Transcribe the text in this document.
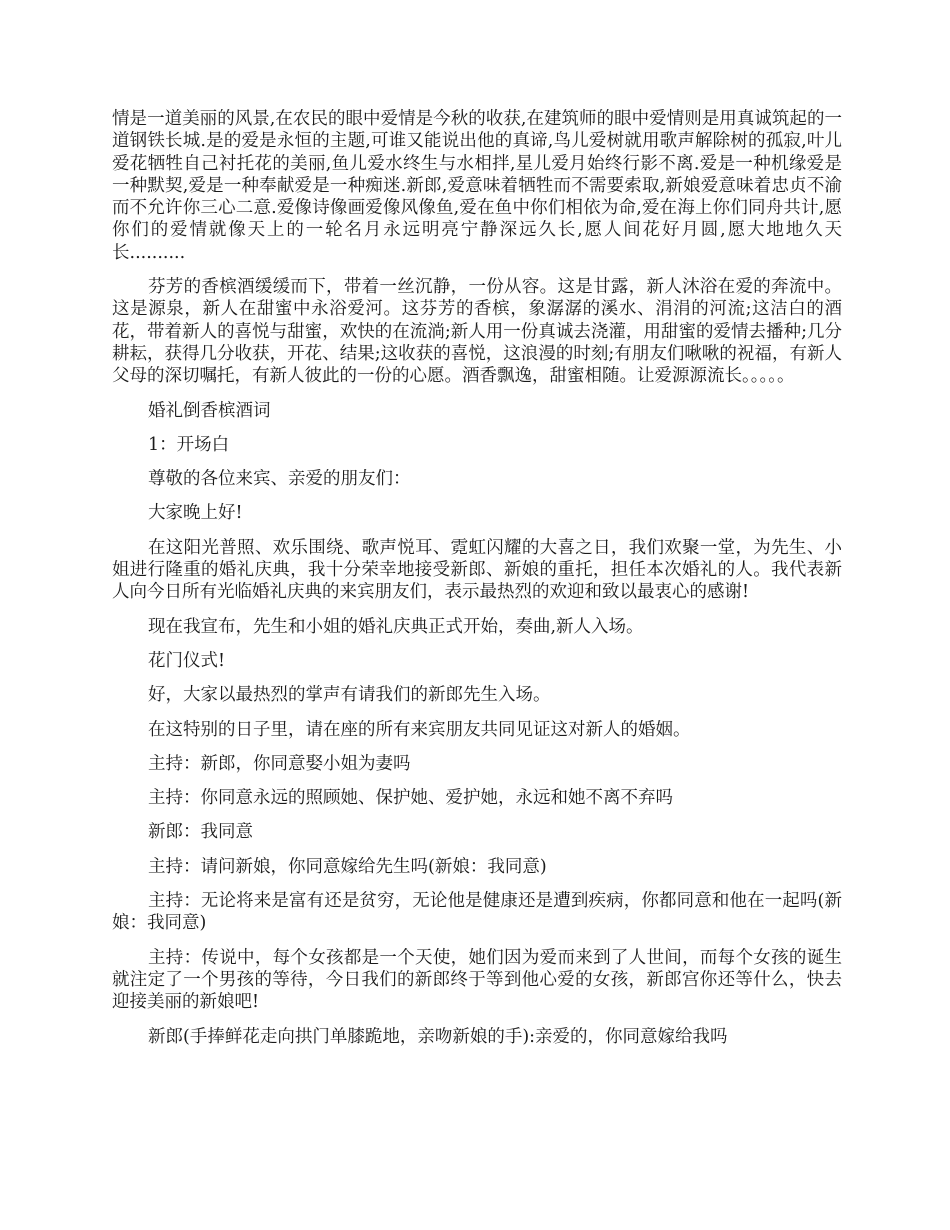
情是一道美丽的风景,在农民的眼中爱情是今秋的收获,在建筑师的眼中爱情则是用真诚筑起的一道钢铁长城.是的爱是永恒的主题,可谁又能说出他的真谛,鸟儿爱树就用歌声解除树的孤寂,叶儿爱花牺牲自己衬托花的美丽,鱼儿爱水终生与水相拌,星儿爱月始终行影不离.爱是一种机缘爱是一种默契,爱是一种奉献爱是一种痴迷.新郎,爱意味着牺牲而不需要索取,新娘爱意味着忠贞不渝而不允许你三心二意.爱像诗像画爱像风像鱼,爱在鱼中你们相依为命,爱在海上你们同舟共计,愿你们的爱情就像天上的一轮名月永远明亮宁静深远久长,愿人间花好月圆,愿大地地久天长..........

芬芳的香槟酒缓缓而下，带着一丝沉静，一份从容。这是甘露，新人沐浴在爱的奔流中。这是源泉，新人在甜蜜中永浴爱河。这芬芳的香槟，象潺潺的溪水、涓涓的河流;这洁白的酒花，带着新人的喜悦与甜蜜，欢快的在流淌;新人用一份真诚去浇灌，用甜蜜的爱情去播种;几分耕耘，获得几分收获，开花、结果;这收获的喜悦，这浪漫的时刻;有朋友们啾啾的祝福，有新人父母的深切嘱托，有新人彼此的一份的心愿。酒香飘逸，甜蜜相随。让爱源源流长。。。。。

婚礼倒香槟酒词

1：开场白

尊敬的各位来宾、亲爱的朋友们：

大家晚上好!

在这阳光普照、欢乐围绕、歌声悦耳、霓虹闪耀的大喜之日，我们欢聚一堂，为先生、小姐进行隆重的婚礼庆典，我十分荣幸地接受新郎、新娘的重托，担任本次婚礼的人。我代表新人向今日所有光临婚礼庆典的来宾朋友们，表示最热烈的欢迎和致以最衷心的感谢!

现在我宣布，先生和小姐的婚礼庆典正式开始，奏曲,新人入场。

花门仪式!

好，大家以最热烈的掌声有请我们的新郎先生入场。

在这特别的日子里，请在座的所有来宾朋友共同见证这对新人的婚姻。

主持：新郎，你同意娶小姐为妻吗

主持：你同意永远的照顾她、保护她、爱护她，永远和她不离不弃吗

新郎：我同意

主持：请问新娘，你同意嫁给先生吗(新娘：我同意)

主持：无论将来是富有还是贫穷，无论他是健康还是遭到疾病，你都同意和他在一起吗(新娘：我同意)

主持：传说中，每个女孩都是一个天使，她们因为爱而来到了人世间，而每个女孩的诞生就注定了一个男孩的等待，今日我们的新郎终于等到他心爱的女孩，新郎宫你还等什么，快去迎接美丽的新娘吧!

新郎(手捧鲜花走向拱门单膝跪地，亲吻新娘的手):亲爱的，你同意嫁给我吗
